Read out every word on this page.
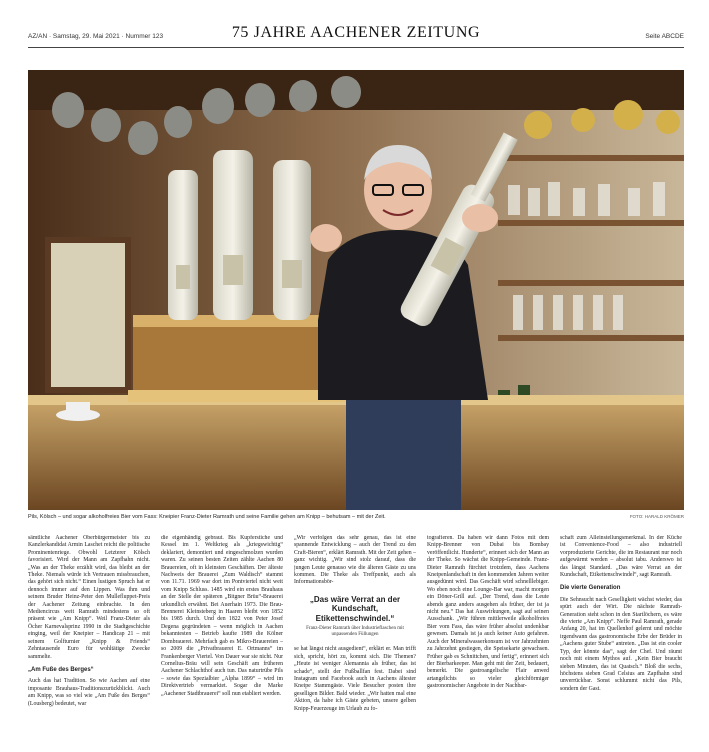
AZ/AN · Samstag, 29. Mai 2021 · Nummer 123	75 JAHRE AACHENER ZEITUNG	Seite ABCDE
Pils, Kölsch – und sogar alkoholfreies Bier vom Fass: Kneipier Franz-Dieter Ramrath und seine Familie gehen am Knipp – behutsam – mit der Zeit.	FOTO: HARALD KRÖMER

sämtliche Aachener Oberbürgermeister bis zu Kanzlerkandidat Armin Laschet reicht die politische Prominentenriege. Obwohl Letzterer Kölsch favorisiert. Wird der Mann am Zapfhahn nicht. „Was an der Theke erzählt wird, das bleibt an der Theke. Niemals würde ich Vertrauen missbrauchen, das gehört sich nicht.“ Einen lustigen Spruch hat er dennoch immer auf den Lippen. Was ihm und seinem Bruder Heinz-Peter den Mullefluppet-Preis der Aachener Zeitung einbrachte. In den Mediencircus weit Ramrath mindestens so oft präsent wie „Am Knipp“. Weil Franz-Dieter als Öcher Karnevalsprinz 1990 in die Stadtgeschichte einging, weil der Kneipier – Handicap 21 – mit seinem Golfturnier „Knipp & Friends“ Zehntausende Euro für wohltätige Zwecke sammelte.

„Am Fuße des Berges“

Auch das hat Tradition. So wie Aachen auf eine imposante Brauhaus-Traditionszurückblickt. Auch am Knipp, was so viel wie „Am Fuße des Berges“ (Lousberg) bedeutet, war

die eigenhändig gebraut. Bis Kupferstiche und Kessel im 1. Weltkrieg als „kriegswichtig“ deklariert, demontiert und eingeschmolzen wurden waren. Zu seinen besten Zeiten zählte Aachen 80 Brauereien, oft in kleinsten Geschäften. Der älteste Nachweis der Brauerei „Zum Waldisch“ stammt von 11.71. 1969 war dort im Pontviertel nicht weit vom Knipp Schluss. 1485 wird ein erstes Brauhaus an der Stelle der späteren „Bitgner Brüu“-Brauerei urkundlich erwähnt. Bei Auerhain 1973. Die Brau-Brennerei Kleinsteberg in Haaren bleibt von 1852 bis 1985 durch. Und den 1822 von Peter Josef Degena gegründeten – wenn möglich in Aachen bekanntesten – Betrieb kaufte 1989 die Kölner Dombrauerei. Mehrfach gab es Mikro-Brauereien – so 2009 die „Privatbrauerei E. Ortmanns“ im Frankenberger Viertel. Von Dauer war sie nicht. Nur Cornelius-Bräu will sein Geschäft am früheren Aachener Schlachthof auch tun. Das naturtrübe Pils – sowie das Spezialbier „Alpha 1899“ – wird im Direktvertrieb vermarktet. Sogar die Marke „Aachener Stadtbrauerei“ soll nun etabliert werden.

„Wir verfolgen das sehr genau, das ist eine spannende Entwicklung – auch der Trend zu den Craft-Bieren“, erklärt Ramrath. Mit der Zeit gehen – ganz wichtig. „Wir sind stolz darauf, dass die jungen Leute genauso wie die älteren Gäste zu uns kommen. Die Theke als Treffpunkt, auch als Informationsbör-

„Das wäre Verrat an der Kundschaft, Etikettenschwindel.“
Franz-Dieter Ramrath über Industrieflaschen mit unpassenden Füllungen

se hat längst nicht ausgedient“, erklärt er. Man trifft sich, spricht, hört zu, kommt sich. Die Themen? „Heute ist weniger Alemannia als früher, das ist schade“, stellt der Fußballfan fest. Dabei sind Instagram und Facebook auch in Aachens ältester Kneipe Stammgäste. Viele Besucher posten ihre geselligen Bilder. Bald wieder. „Wir hatten mal eine Aktion, da habe ich Gäste gebeten, unsere gelben Knipp-Feuerzeuge im Urlaub zu fo-

tografieren. Da haben wir dann Fotos mit dem Knipp-Brenner von Dubai bis Bombay veröffentlicht. Hunderte“, erinnert sich der Mann an der Theke. So wächst die Knipp-Gemeinde. Franz-Dieter Ramrath fürchtet trotzdem, dass Aachens Kneipenlandschaft in den kommenden Jahren weiter ausgedünnt wird. Das Geschäft wird schnelllebiger. Wo eben noch eine Lounge-Bar war, macht morgen ein Döner-Grill auf. „Der Trend, dass die Leute abends ganz anders ausgehen als früher, der ist ja nicht neu.“ Das hat Auswirkungen, sagt auf seinen Ausschank. „Wir führen mittlerweile alkoholfreies Bier vom Fass, das wäre früher absolut undenkbar gewesen. Damals ist ja auch keiner Auto gefahren. Auch der Mineralwasserkonsum ist vor Jahrzehnten zu Jahrzehnt gestiegen, die Speisekarte gewachsen. Früher gab es Schnittchen, und fertig“, erinnert sich der Bierbarkeeper. Man geht mit der Zeit, bedauert, bemerkt. Die gastroangelische Flair anwed artangelichts so vieler gleichförmiger gastronomischer Angebote in der Nachbar-

schaft zum Alleinstellungsmerkmal. In der Küche ist Convenience-Food – also industriell vorproduzierte Gerichte, die im Restaurant nur noch aufgewärmt werden – absolut tabu. Anderswo ist das längst Standard. „Das wäre Verrat an der Kundschaft, Etikettenschwindel“, sagt Ramrath.

Die vierte Generation

Die Sehnsucht nach Geselligkeit wächst wieder, das spürt auch der Wirt. Die nächste Ramrath-Generation steht schon in den Startlöchern, es wäre die vierte „Am Knipp“. Neffe Paul Ramrath, gerade Anfang 20, hat im Quellenhof gelernt und möchte irgendwann das gastronomische Erbe der Brüder in „Aachens guter Stube“ antreten. „Das ist ein cooler Typ, der könnte das“, sagt der Chef. Und räumt noch mit einem Mythos auf. „Kein Bier braucht sieben Minuten, das ist Quatsch.“ Bloß die sechs, höchstens sieben Grad Celsius am Zapfhahn sind unverrückbar. Sonst schlummt nicht das Pils, sondern der Gast.
